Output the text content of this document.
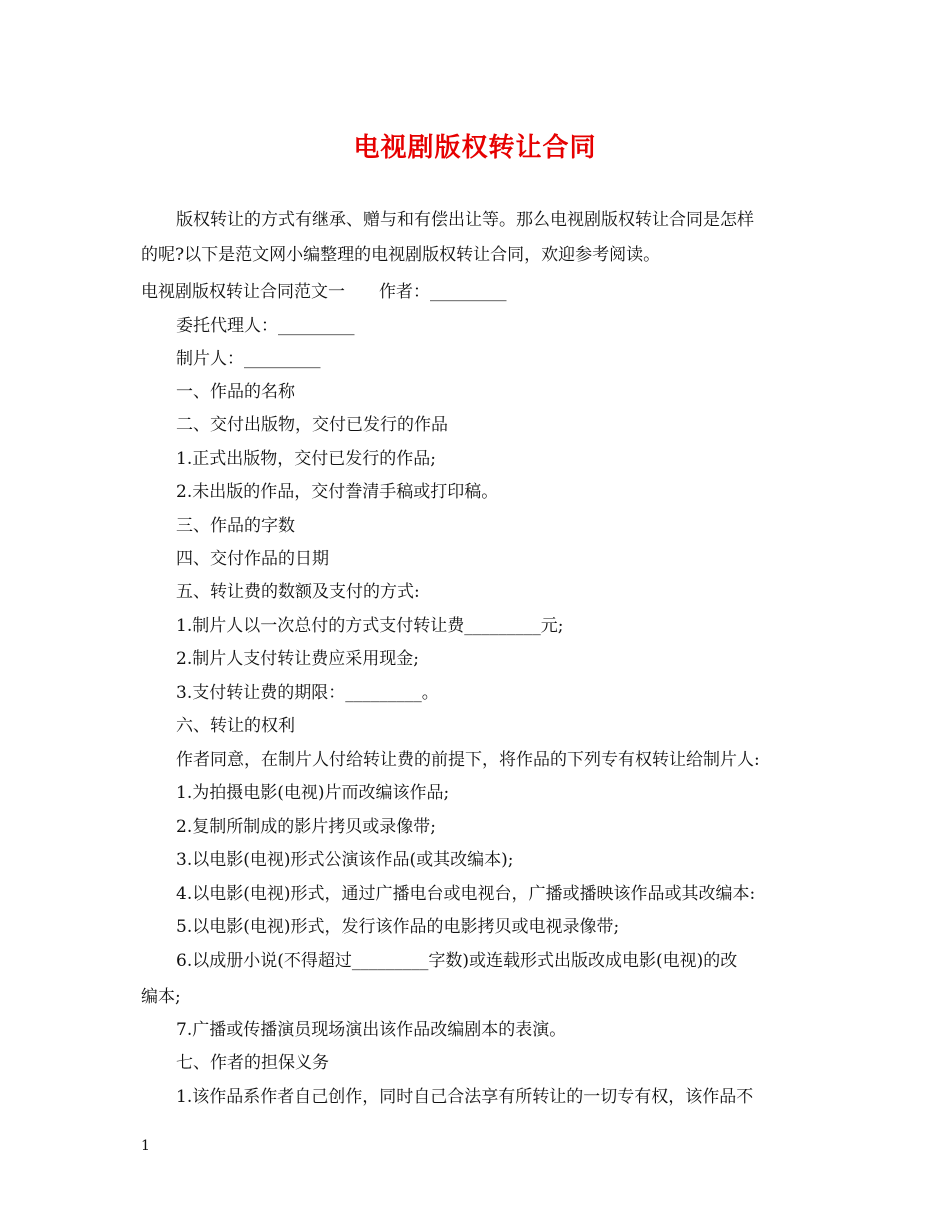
电视剧版权转让合同
版权转让的方式有继承、赠与和有偿出让等。那么电视剧版权转让合同是怎样
的呢?以下是范文网小编整理的电视剧版权转让合同，欢迎参考阅读。
电视剧版权转让合同范文一　　作者：_________
委托代理人：_________
制片人：_________
一、作品的名称
二、交付出版物，交付已发行的作品
1.正式出版物，交付已发行的作品;
2.未出版的作品，交付誊清手稿或打印稿。
三、作品的字数
四、交付作品的日期
五、转让费的数额及支付的方式:
1.制片人以一次总付的方式支付转让费_________元;
2.制片人支付转让费应采用现金;
3.支付转让费的期限：_________。
六、转让的权利
作者同意，在制片人付给转让费的前提下，将作品的下列专有权转让给制片人:
1.为拍摄电影(电视)片而改编该作品;
2.复制所制成的影片拷贝或录像带;
3.以电影(电视)形式公演该作品(或其改编本);
4.以电影(电视)形式，通过广播电台或电视台，广播或播映该作品或其改编本:
5.以电影(电视)形式，发行该作品的电影拷贝或电视录像带;
6.以成册小说(不得超过_________字数)或连载形式出版改成电影(电视)的改
编本;
7.广播或传播演员现场演出该作品改编剧本的表演。
七、作者的担保义务
1.该作品系作者自己创作，同时自己合法享有所转让的一切专有权，该作品不
1
